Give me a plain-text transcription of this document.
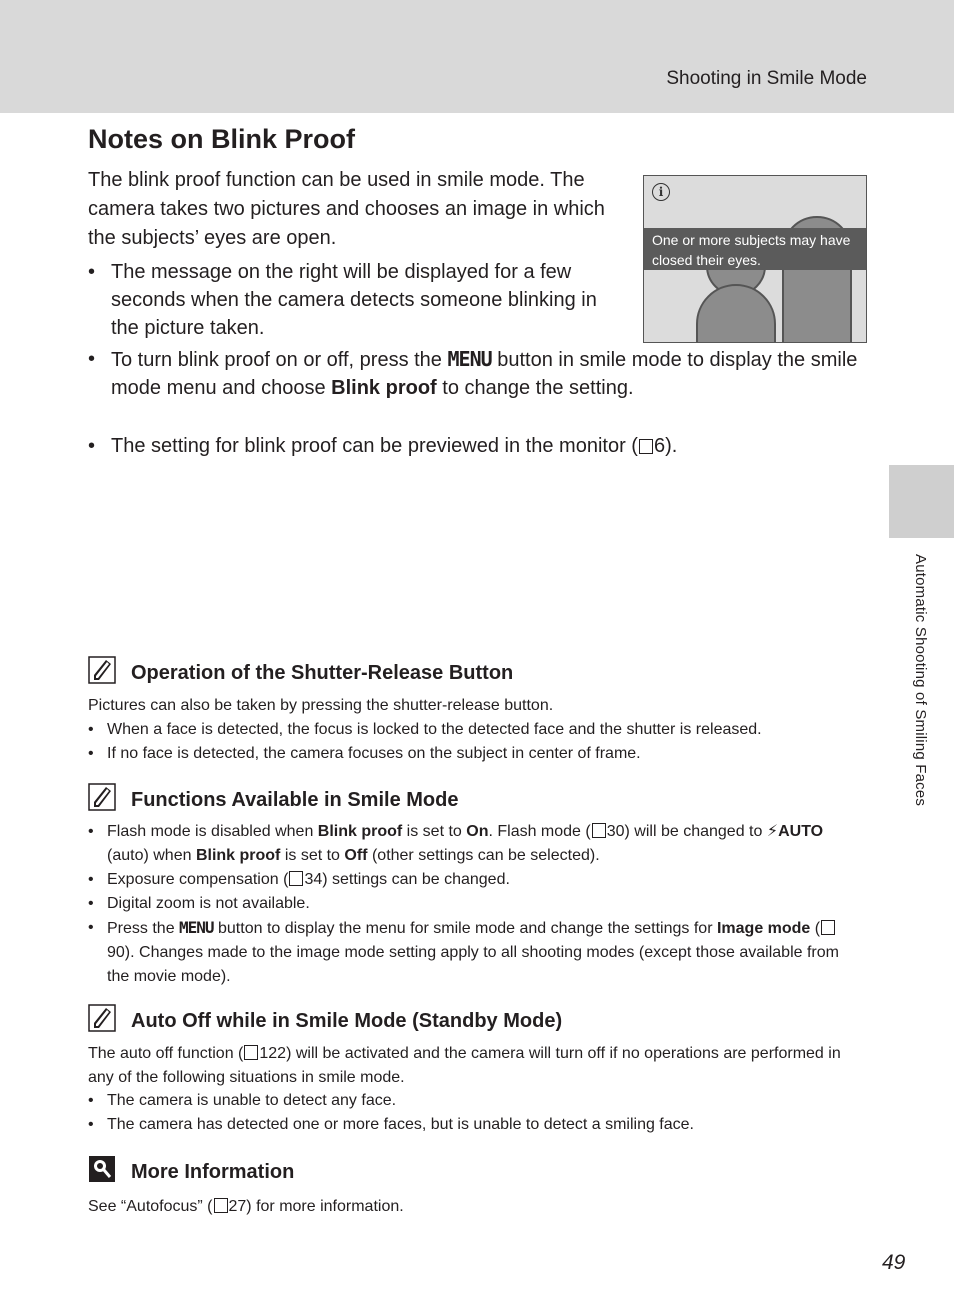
Shooting in Smile Mode
Automatic Shooting of Smiling Faces
Notes on Blink Proof

The blink proof function can be used in smile mode. The camera takes two pictures and chooses an image in which the subjects’ eyes are open.

• The message on the right will be displayed for a few seconds when the camera detects someone blinking in the picture taken.
• To turn blink proof on or off, press the MENU button in smile mode to display the smile mode menu and choose Blink proof to change the setting.
• The setting for blink proof can be previewed in the monitor ( 6).
i
One or more subjects may have closed their eyes.
Operation of the Shutter-Release Button
Pictures can also be taken by pressing the shutter-release button.
• When a face is detected, the focus is locked to the detected face and the shutter is released.
• If no face is detected, the camera focuses on the subject in center of frame.
Functions Available in Smile Mode
• Flash mode is disabled when Blink proof is set to On. Flash mode ( 30) will be changed to ⚡AUTO (auto) when Blink proof is set to Off (other settings can be selected).
• Exposure compensation ( 34) settings can be changed.
• Digital zoom is not available.
• Press the MENU button to display the menu for smile mode and change the settings for Image mode (90). Changes made to the image mode setting apply to all shooting modes (except those available from the movie mode).
Auto Off while in Smile Mode (Standby Mode)
The auto off function ( 122) will be activated and the camera will turn off if no operations are performed in any of the following situations in smile mode.
• The camera is unable to detect any face.
• The camera has detected one or more faces, but is unable to detect a smiling face.
More Information
See “Autofocus” ( 27) for more information.
49
